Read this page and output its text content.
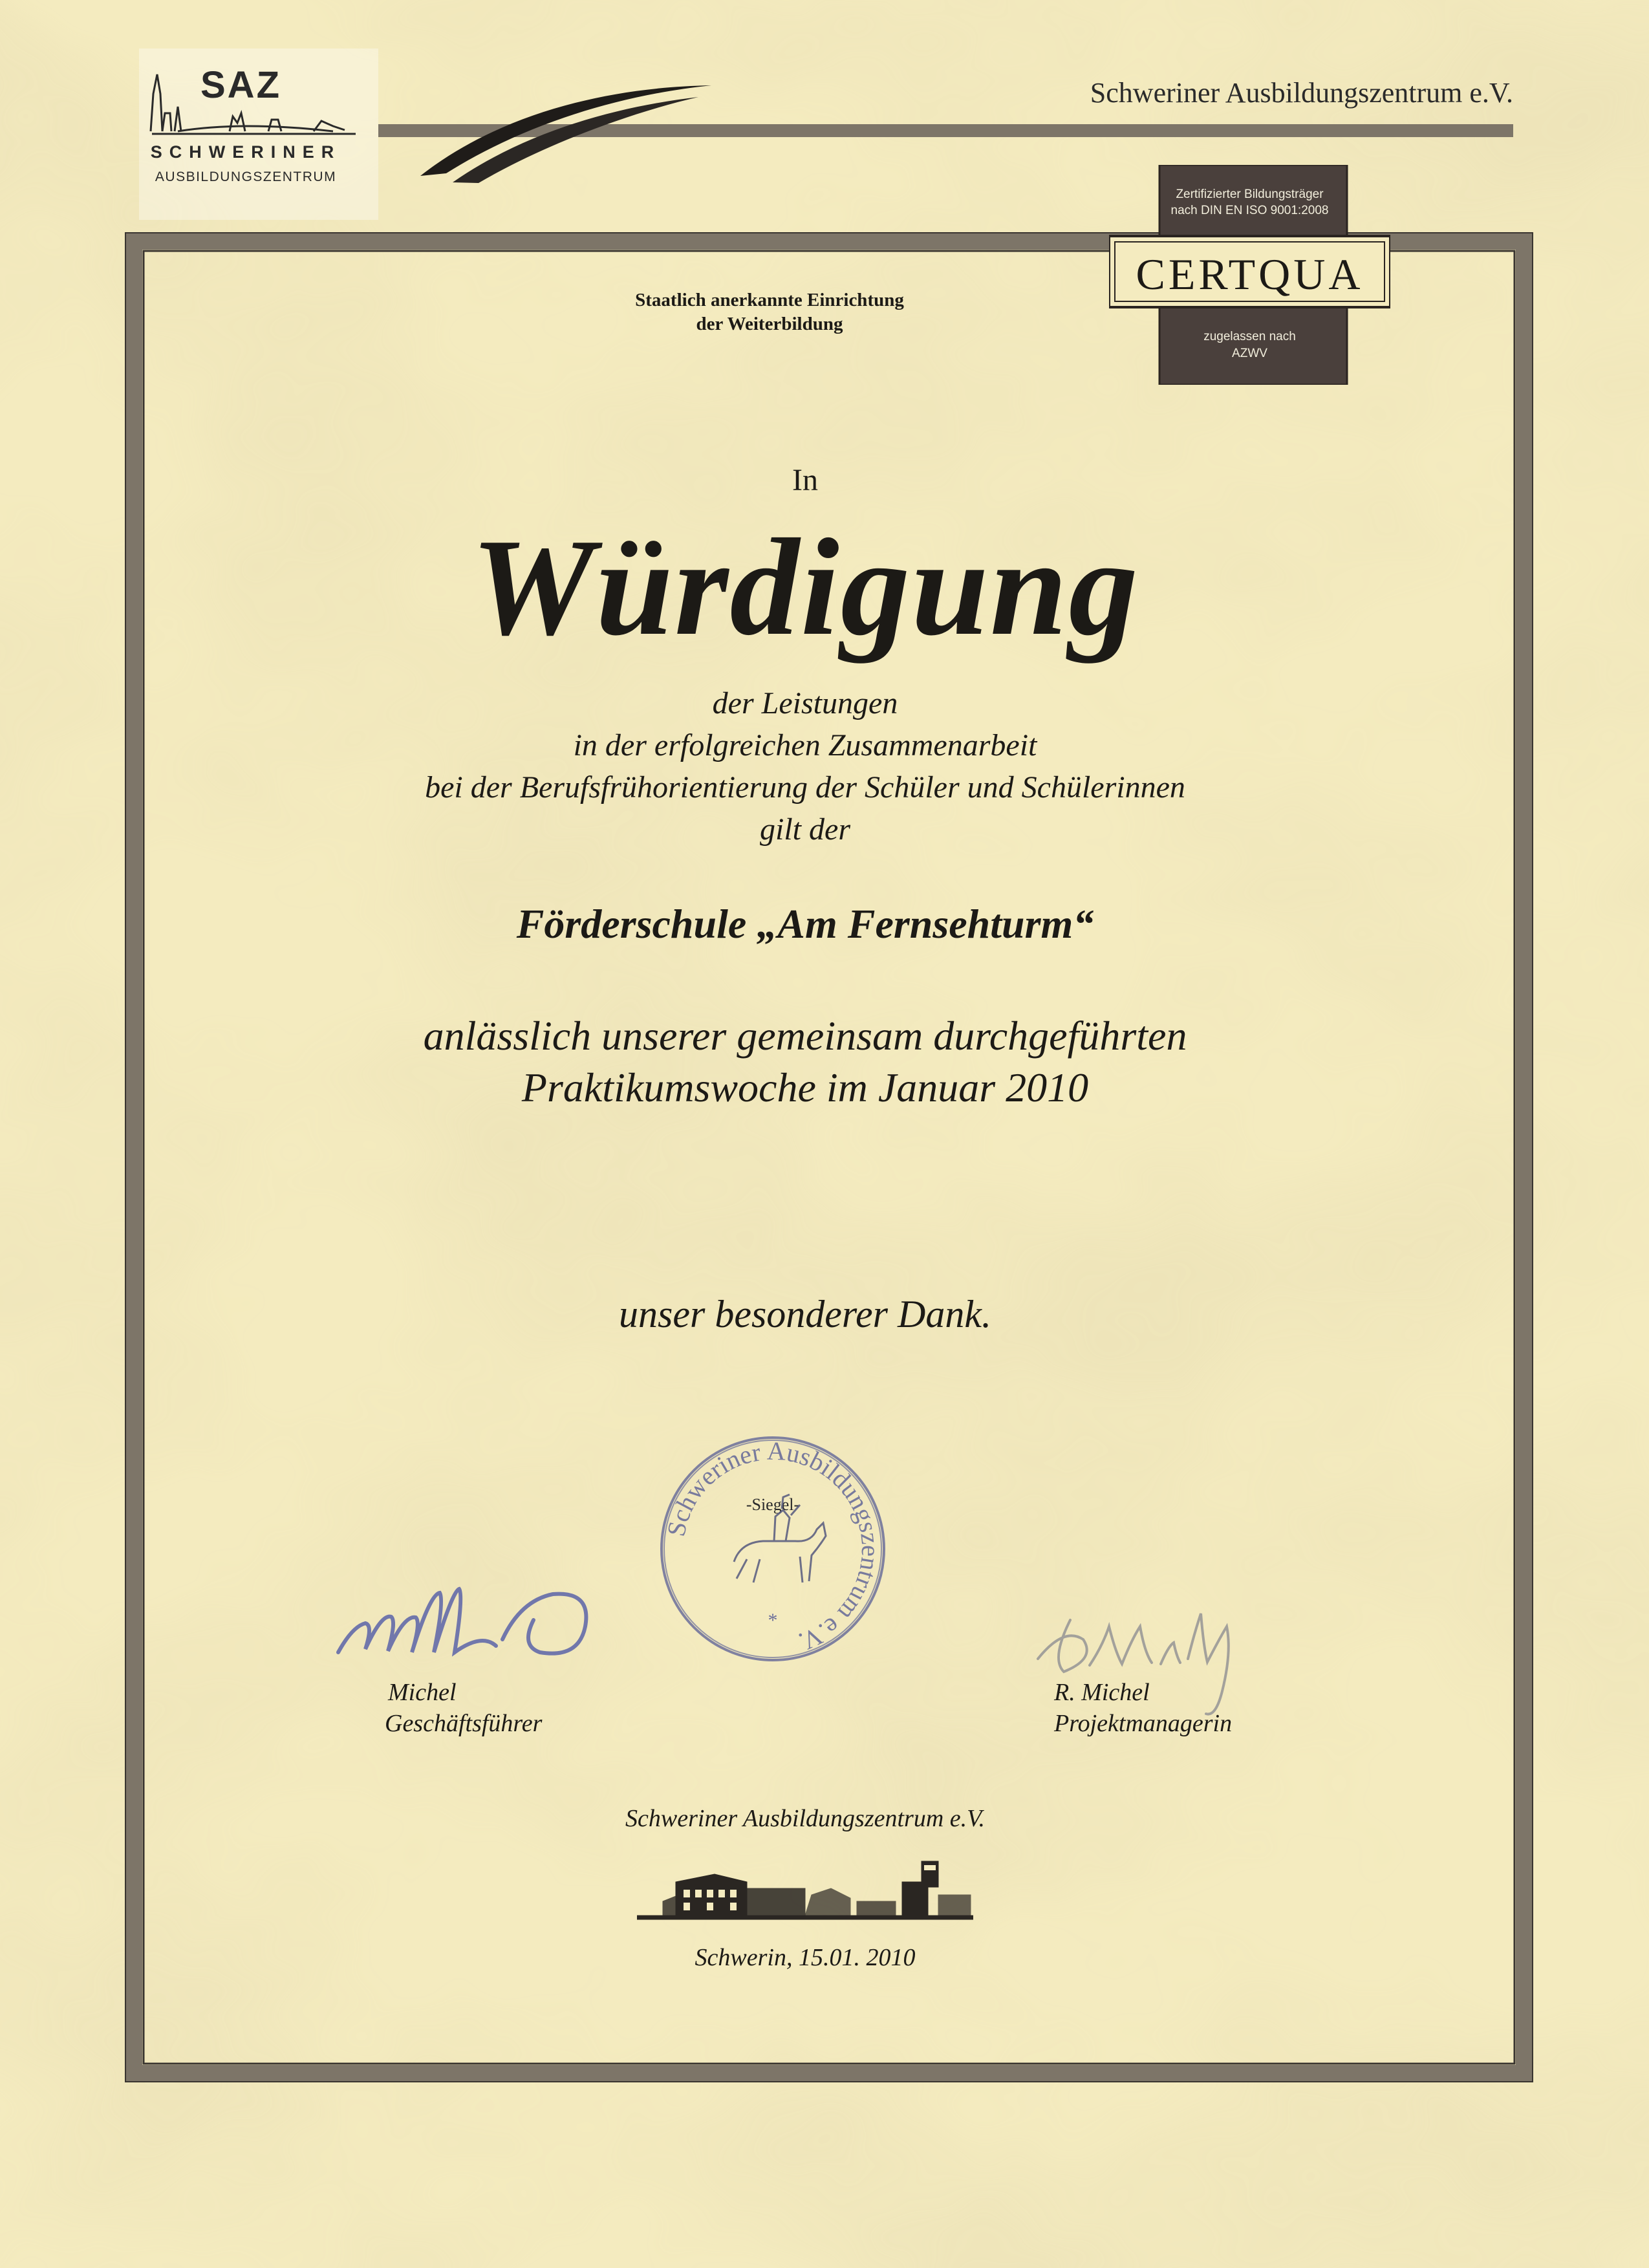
SAZ
SCHWERINER
AUSBILDUNGSZENTRUM
Schweriner Ausbildungszentrum e.V.
Zertifizierter Bildungsträger
nach DIN EN ISO 9001:2008
CERTQUA
zugelassen nach
AZWV
Staatlich anerkannte Einrichtung
der Weiterbildung
In
Würdigung
der Leistungen
in der erfolgreichen Zusammenarbeit
bei der Berufsfrühorientierung der Schüler und Schülerinnen
gilt der
Förderschule „Am Fernsehturm“
anlässlich unserer gemeinsam durchgeführten
Praktikumswoche im Januar 2010
unser besonderer Dank.
Schweriner Ausbildungszentrum e.V.
-Siegel-
*
Michel
Geschäftsführer
R. Michel
Projektmanagerin
Schweriner Ausbildungszentrum e.V.
Schwerin, 15.01. 2010
